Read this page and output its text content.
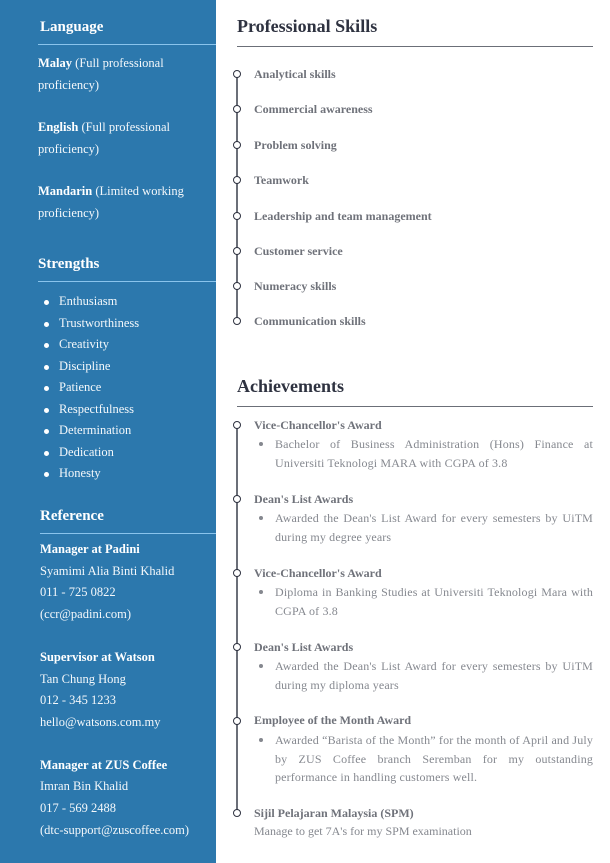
Language
Malay (Full professional
proficiency)
English (Full professional
proficiency)
Mandarin (Limited working
proficiency)
Strengths
Enthusiasm
Trustworthiness
Creativity
Discipline
Patience
Respectfulness
Determination
Dedication
Honesty
Reference
Manager at Padini
Syamimi Alia Binti Khalid
011 - 725 0822
(ccr@padini.com)
Supervisor at Watson
Tan Chung Hong
012 - 345 1233
hello@watsons.com.my
Manager at ZUS Coffee
Imran Bin Khalid
017 - 569 2488
(dtc-support@zuscoffee.com)
Professional Skills
Analytical skills
Commercial awareness
Problem solving
Teamwork
Leadership and team management
Customer service
Numeracy skills
Communication skills
Achievements
Vice-Chancellor's Award
Bachelor of Business Administration (Hons) Finance at Universiti Teknologi MARA with CGPA of 3.8
Dean's List Awards
Awarded the Dean's List Award for every semesters by UiTM during my degree years
Vice-Chancellor's Award
Diploma in Banking Studies at Universiti Teknologi Mara with CGPA of 3.8
Dean's List Awards
Awarded the Dean's List Award for every semesters by UiTM during my diploma years
Employee of the Month Award
Awarded “Barista of the Month” for the month of April and July by ZUS Coffee branch Seremban for my outstanding performance in handling customers well.
Sijil Pelajaran Malaysia (SPM)
Manage to get 7A's for my SPM examination
